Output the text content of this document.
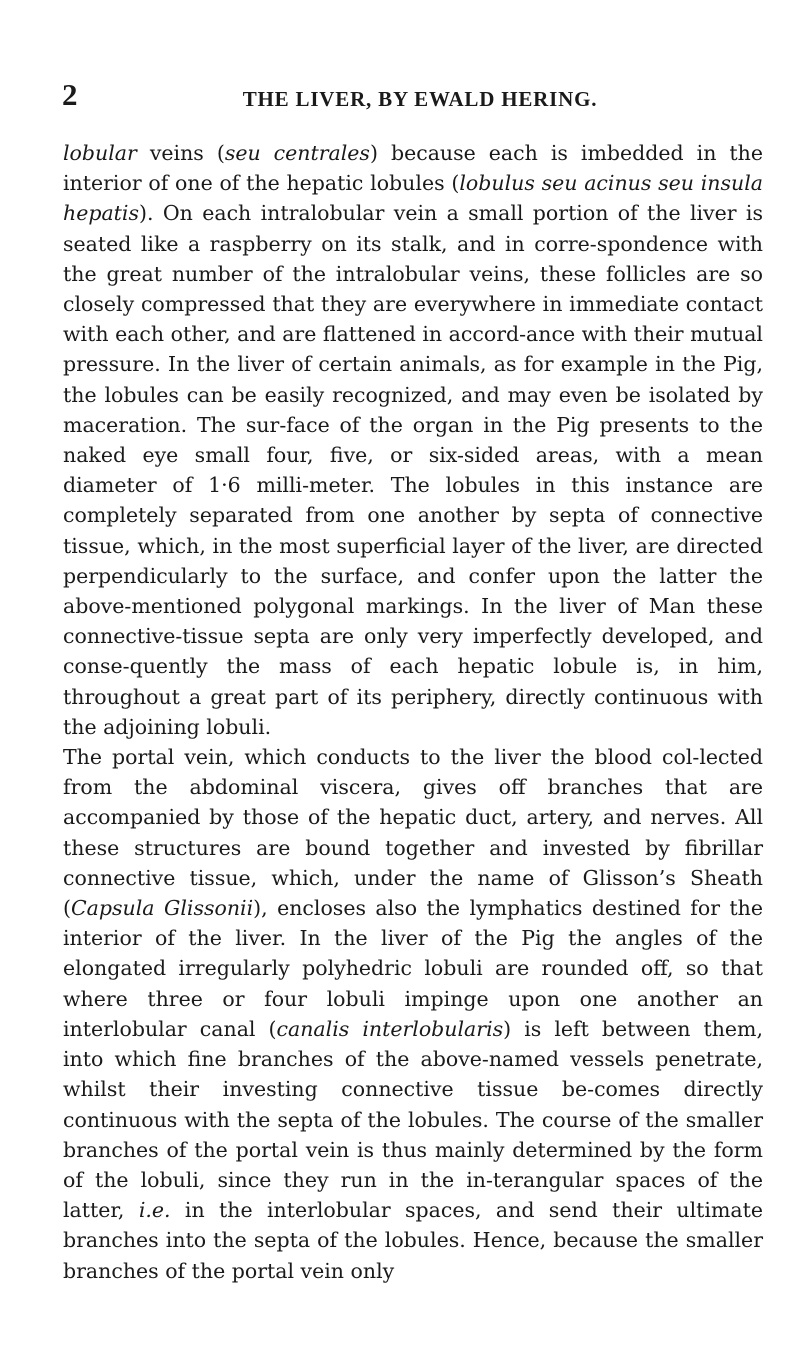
2	THE LIVER, BY EWALD HERING.

lobular veins (seu centrales) because each is imbedded in the interior of one of the hepatic lobules (lobulus seu acinus seu insula hepatis). On each intralobular vein a small portion of the liver is seated like a raspberry on its stalk, and in corre-spondence with the great number of the intralobular veins, these follicles are so closely compressed that they are everywhere in immediate contact with each other, and are flattened in accord-ance with their mutual pressure. In the liver of certain animals, as for example in the Pig, the lobules can be easily recognized, and may even be isolated by maceration. The sur-face of the organ in the Pig presents to the naked eye small four, five, or six-sided areas, with a mean diameter of 1·6 milli-meter. The lobules in this instance are completely separated from one another by septa of connective tissue, which, in the most superficial layer of the liver, are directed perpendicularly to the surface, and confer upon the latter the above-mentioned polygonal markings. In the liver of Man these connective-tissue septa are only very imperfectly developed, and conse-quently the mass of each hepatic lobule is, in him, throughout a great part of its periphery, directly continuous with the adjoining lobuli.

The portal vein, which conducts to the liver the blood col-lected from the abdominal viscera, gives off branches that are accompanied by those of the hepatic duct, artery, and nerves. All these structures are bound together and invested by fibrillar connective tissue, which, under the name of Glisson’s Sheath (Capsula Glissonii), encloses also the lymphatics destined for the interior of the liver. In the liver of the Pig the angles of the elongated irregularly polyhedric lobuli are rounded off, so that where three or four lobuli impinge upon one another an interlobular canal (canalis interlobularis) is left between them, into which fine branches of the above-named vessels penetrate, whilst their investing connective tissue be-comes directly continuous with the septa of the lobules. The course of the smaller branches of the portal vein is thus mainly determined by the form of the lobuli, since they run in the in-terangular spaces of the latter, i.e. in the interlobular spaces, and send their ultimate branches into the septa of the lobules. Hence, because the smaller branches of the portal vein only
